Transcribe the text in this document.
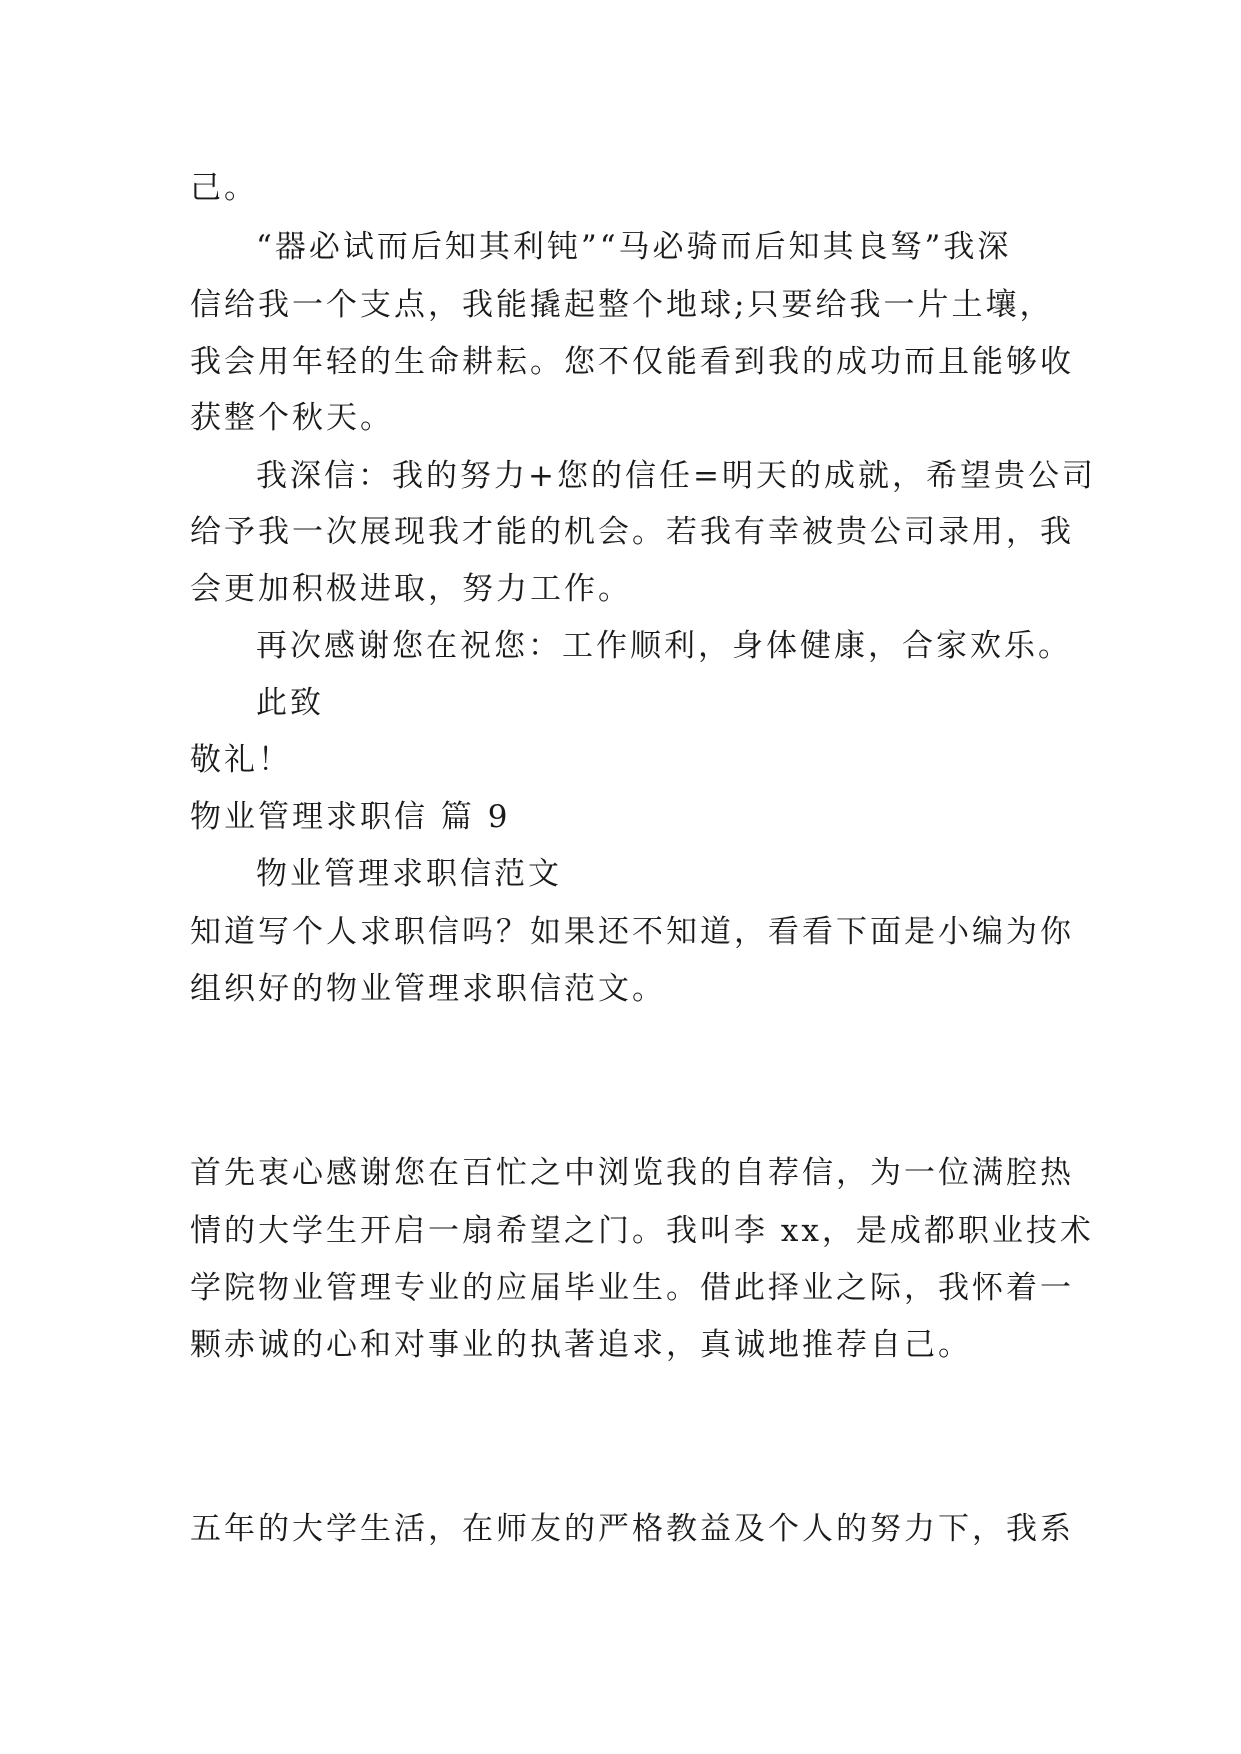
己。
“器必试而后知其利钝”“马必骑而后知其良驽”我深
信给我一个支点，我能撬起整个地球;只要给我一片土壤，
我会用年轻的生命耕耘。您不仅能看到我的成功而且能够收
获整个秋天。
我深信：我的努力+您的信任=明天的成就，希望贵公司
给予我一次展现我才能的机会。若我有幸被贵公司录用，我
会更加积极进取，努力工作。
再次感谢您在祝您：工作顺利，身体健康，合家欢乐。
此致
敬礼！
物业管理求职信 篇 9
物业管理求职信范文
知道写个人求职信吗？如果还不知道，看看下面是小编为你
组织好的物业管理求职信范文。
首先衷心感谢您在百忙之中浏览我的自荐信，为一位满腔热
情的大学生开启一扇希望之门。我叫李 xx，是成都职业技术
学院物业管理专业的应届毕业生。借此择业之际，我怀着一
颗赤诚的心和对事业的执著追求，真诚地推荐自己。
五年的大学生活，在师友的严格教益及个人的努力下，我系
